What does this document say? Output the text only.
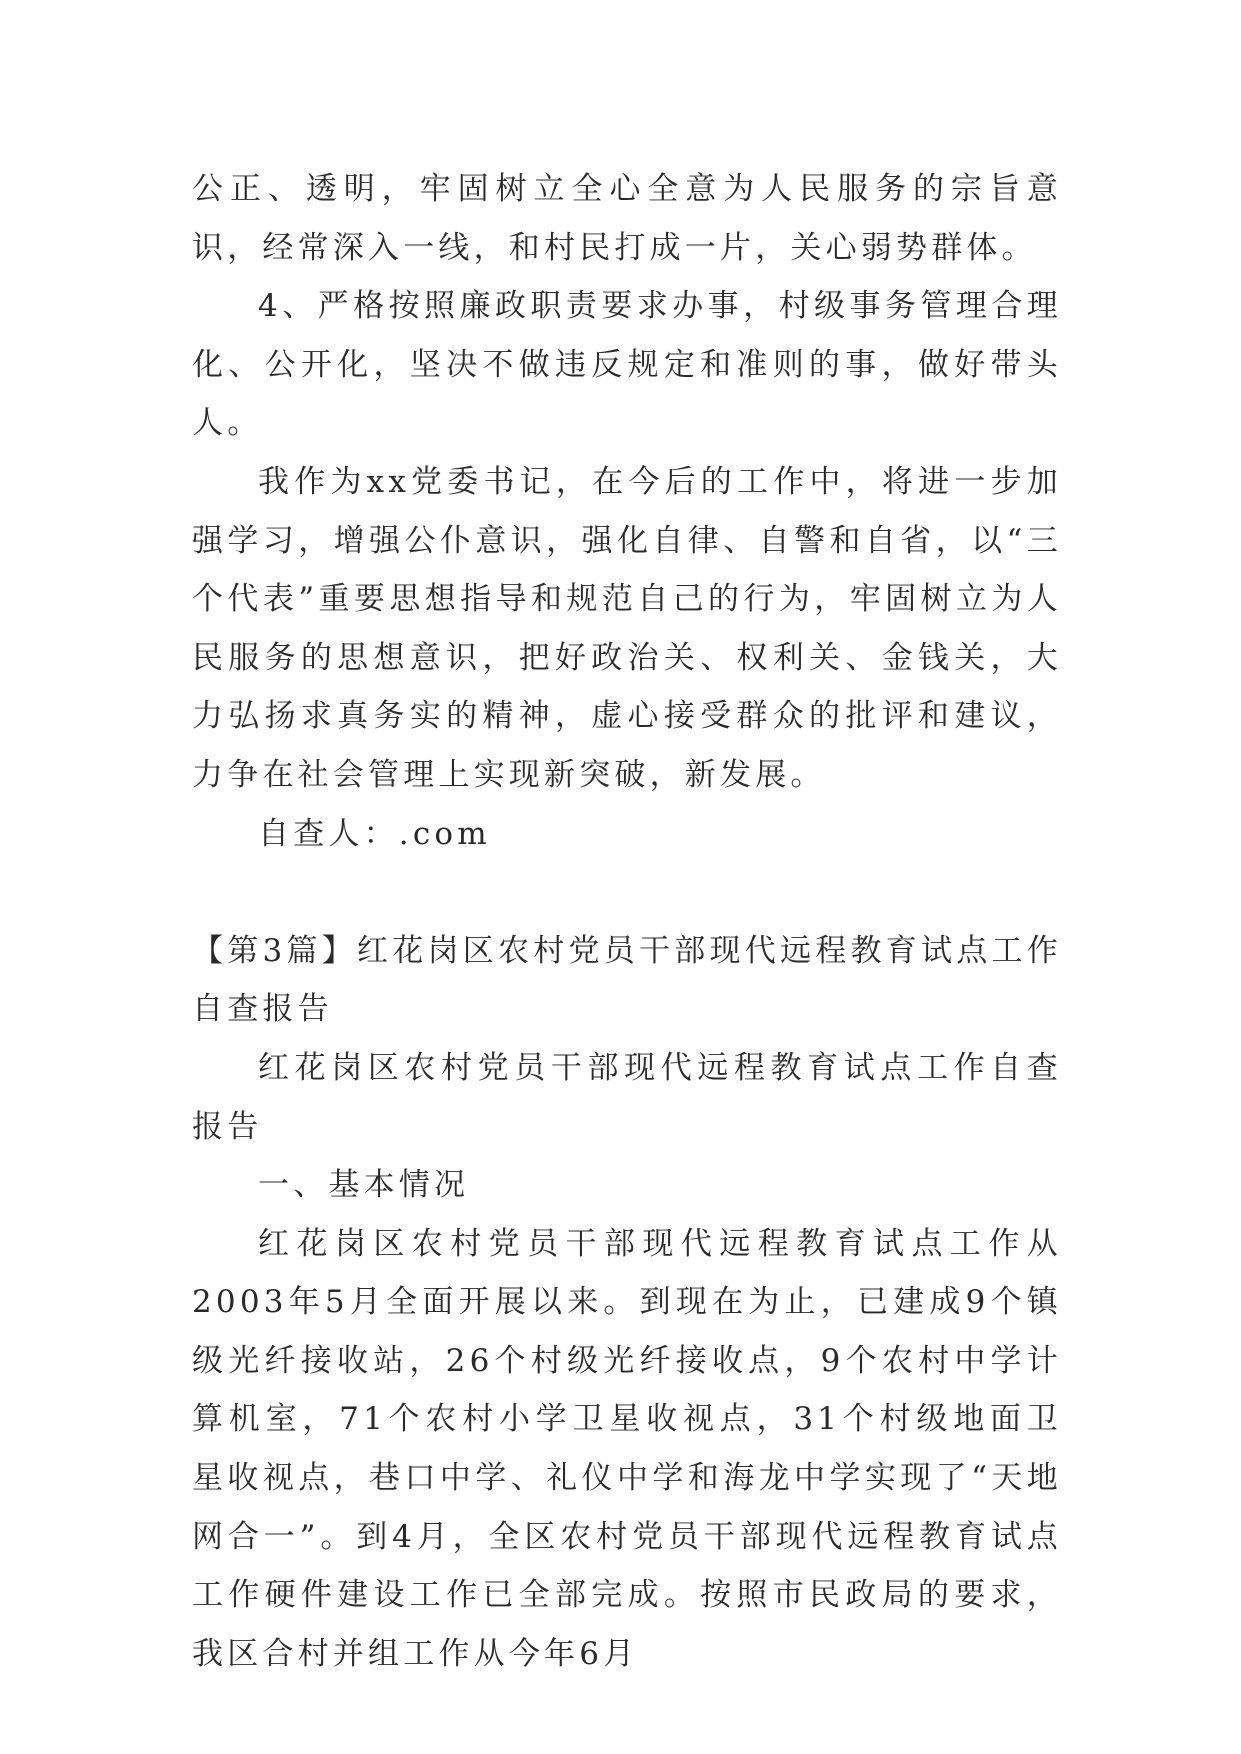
公正、透明，牢固树立全心全意为人民服务的宗旨意识，经常深入一线，和村民打成一片，关心弱势群体。

4、严格按照廉政职责要求办事，村级事务管理合理化、公开化，坚决不做违反规定和准则的事，做好带头人。

我作为xx党委书记，在今后的工作中，将进一步加强学习，增强公仆意识，强化自律、自警和自省，以“三个代表”重要思想指导和规范自己的行为，牢固树立为人民服务的思想意识，把好政治关、权利关、金钱关，大力弘扬求真务实的精神，虚心接受群众的批评和建议，力争在社会管理上实现新突破，新发展。

自查人：.com

【第3篇】红花岗区农村党员干部现代远程教育试点工作自查报告

红花岗区农村党员干部现代远程教育试点工作自查报告

一、基本情况

红花岗区农村党员干部现代远程教育试点工作从2003年5月全面开展以来。到现在为止，已建成9个镇级光纤接收站，26个村级光纤接收点，9个农村中学计算机室，71个农村小学卫星收视点，31个村级地面卫星收视点，巷口中学、礼仪中学和海龙中学实现了“天地网合一”。到4月，全区农村党员干部现代远程教育试点工作硬件建设工作已全部完成。按照市民政局的要求，我区合村并组工作从今年6月
